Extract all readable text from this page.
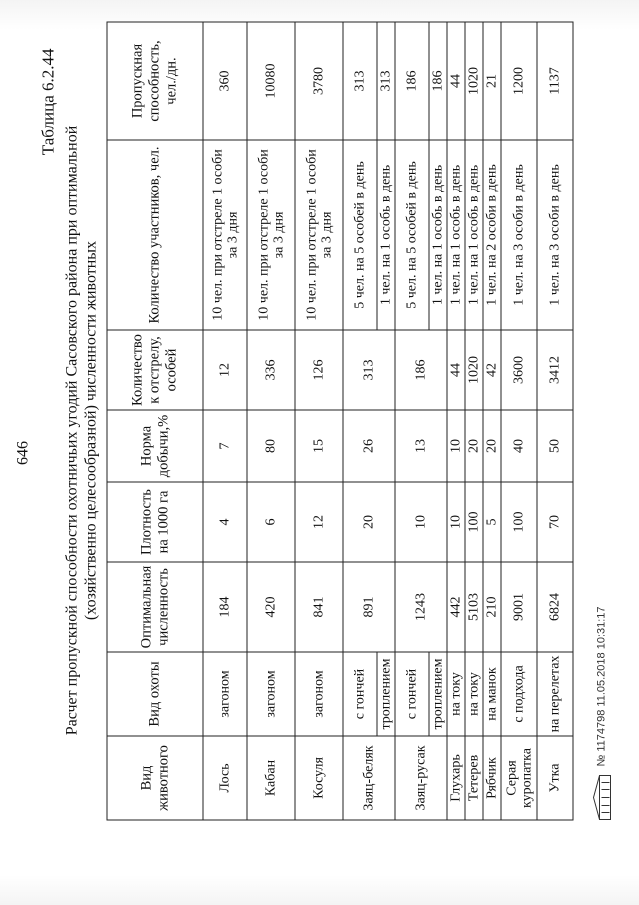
646
Таблица 6.2.44
Расчет пропускной способности охотничьих угодий Сасовского района при оптимальной (хозяйственно целесообразной) численности животных
Вид животного	Вид охоты	Оптимальная численность	Плотность на 1000 га	Норма добычи,%	Количество к отстрелу, особей	Количество участников, чел.	Пропускная способность, чел./дн.
Лось	загоном	184	4	7	12	10 чел. при отстреле 1 особи за 3 дня	360
Кабан	загоном	420	6	80	336	10 чел. при отстреле 1 особи за 3 дня	10080
Косуля	загоном	841	12	15	126	10 чел. при отстреле 1 особи за 3 дня	3780
Заяц-беляк	с гончей	891	20	26	313	5 чел. на 5 особей в день	313
	троплением					1 чел. на 1 особь в день	313
Заяц-русак	с гончей	1243	10	13	186	5 чел. на 5 особей в день	186
	троплением					1 чел. на 1 особь в день	186
Глухарь	на току	442	10	10	44	1 чел. на 1 особь в день	44
Тетерев	на току	5103	100	20	1020	1 чел. на 1 особь в день	1020
Рябчик	на манок	210	5	20	42	1 чел. на 2 особи в день	21
Серая куропатка	с подхода	9001	100	40	3600	1 чел. на 3 особи в день	1200
Утка	на перелетах	6824	70	50	3412	1 чел. на 3 особи в день	1137
№ 1174798 11.05.2018 10:31:17
